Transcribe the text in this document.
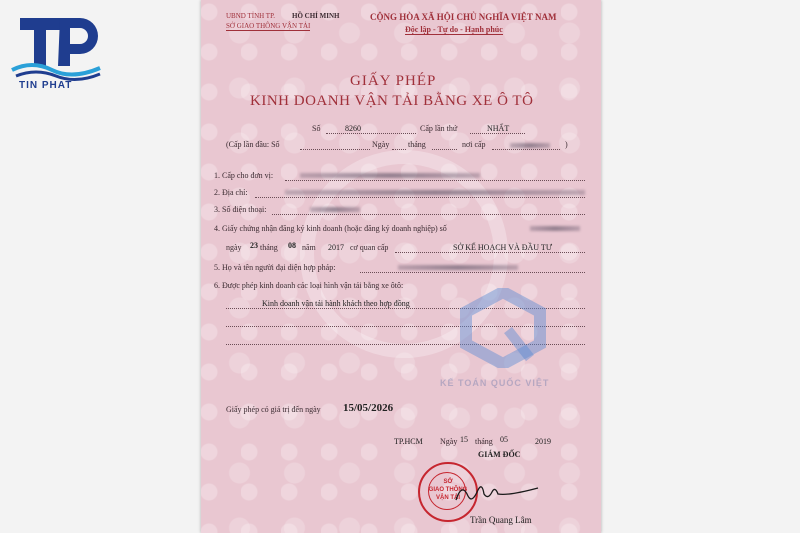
TIN PHAT
UBND TỈNH TP. HỒ CHÍ MINH
SỞ GIAO THÔNG VẬN TẢI
CỘNG HÒA XÃ HỘI CHỦ NGHĨA VIỆT NAM
Độc lập - Tự do - Hạnh phúc
GIẤY PHÉP
KINH DOANH VẬN TẢI BẰNG XE Ô TÔ
Số	8260	Cấp lần thứ	NHẤT
(Cấp lần đầu: Số	Ngày tháng	nơi cấp	)
1. Cấp cho đơn vị:
2. Địa chỉ:
3. Số điện thoại:
4. Giấy chứng nhận đăng ký kinh doanh (hoặc đăng ký doanh nghiệp) số
ngày 23 tháng 08 năm 2017 cơ quan cấp	SỞ KẾ HOẠCH VÀ ĐẦU TƯ
5. Họ và tên người đại diện hợp pháp:
6. Được phép kinh doanh các loại hình vận tải bằng xe ôtô:
Kinh doanh vận tải hành khách theo hợp đồng
KẾ TOÁN QUỐC VIỆT
Giấy phép có giá trị đến ngày 15/05/2026
TP.HCM Ngày 15 tháng 05	2019
GIÁM ĐỐC
SỞ
GIAO THÔNG
VẬN TẢI
Trần Quang Lâm
